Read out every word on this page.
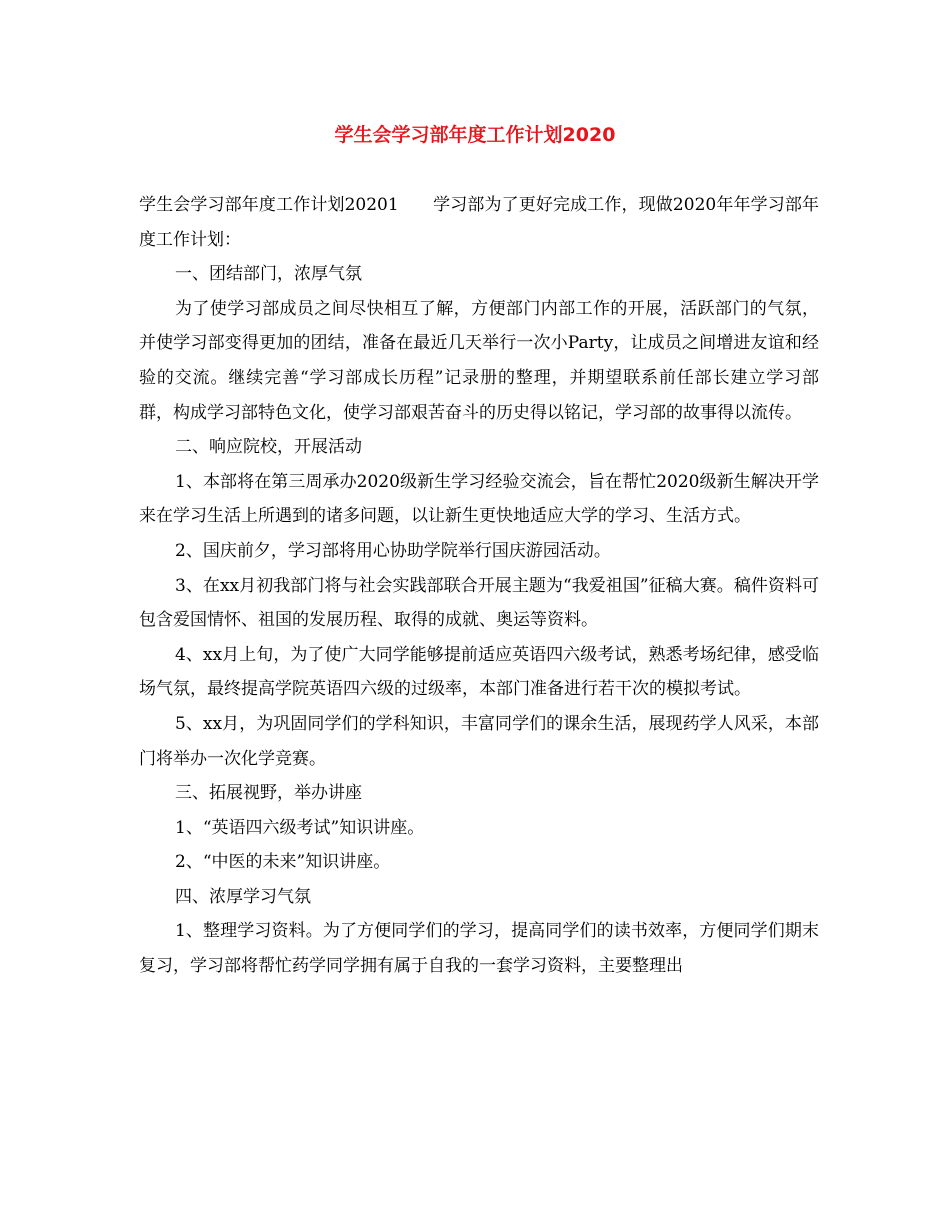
学生会学习部年度工作计划2020

学生会学习部年度工作计划20201　　学习部为了更好完成工作，现做2020年年学习部年度工作计划：

一、团结部门，浓厚气氛

为了使学习部成员之间尽快相互了解，方便部门内部工作的开展，活跃部门的气氛，并使学习部变得更加的团结，准备在最近几天举行一次小Party，让成员之间增进友谊和经验的交流。继续完善“学习部成长历程”记录册的整理，并期望联系前任部长建立学习部群，构成学习部特色文化，使学习部艰苦奋斗的历史得以铭记，学习部的故事得以流传。

二、响应院校，开展活动

1、本部将在第三周承办2020级新生学习经验交流会，旨在帮忙2020级新生解决开学来在学习生活上所遇到的诸多问题，以让新生更快地适应大学的学习、生活方式。

2、国庆前夕，学习部将用心协助学院举行国庆游园活动。

3、在xx月初我部门将与社会实践部联合开展主题为“我爱祖国”征稿大赛。稿件资料可包含爱国情怀、祖国的发展历程、取得的成就、奥运等资料。

4、xx月上旬，为了使广大同学能够提前适应英语四六级考试，熟悉考场纪律，感受临场气氛，最终提高学院英语四六级的过级率，本部门准备进行若干次的模拟考试。

5、xx月，为巩固同学们的学科知识，丰富同学们的课余生活，展现药学人风采，本部门将举办一次化学竞赛。

三、拓展视野，举办讲座

1、“英语四六级考试”知识讲座。

2、“中医的未来”知识讲座。

四、浓厚学习气氛

1、整理学习资料。为了方便同学们的学习，提高同学们的读书效率，方便同学们期末复习，学习部将帮忙药学同学拥有属于自我的一套学习资料，主要整理出
